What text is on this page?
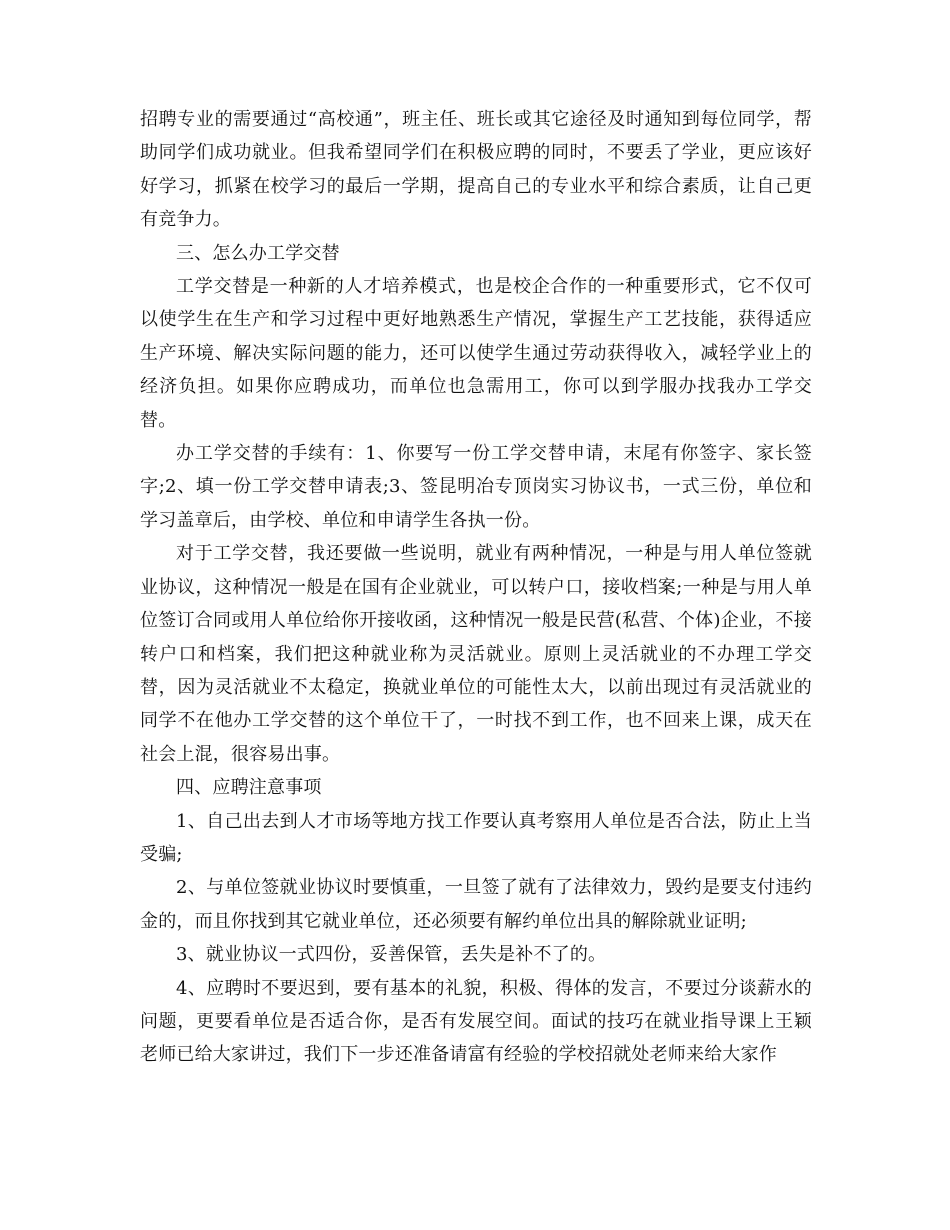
招聘专业的需要通过“高校通”，班主任、班长或其它途径及时通知到每位同学，帮助同学们成功就业。但我希望同学们在积极应聘的同时，不要丢了学业，更应该好好学习，抓紧在校学习的最后一学期，提高自己的专业水平和综合素质，让自己更有竞争力。

三、怎么办工学交替

工学交替是一种新的人才培养模式，也是校企合作的一种重要形式，它不仅可以使学生在生产和学习过程中更好地熟悉生产情况，掌握生产工艺技能，获得适应生产环境、解决实际问题的能力，还可以使学生通过劳动获得收入，减轻学业上的经济负担。如果你应聘成功，而单位也急需用工，你可以到学服办找我办工学交替。

办工学交替的手续有：1、你要写一份工学交替申请，末尾有你签字、家长签字;2、填一份工学交替申请表;3、签昆明冶专顶岗实习协议书，一式三份，单位和学习盖章后，由学校、单位和申请学生各执一份。

对于工学交替，我还要做一些说明，就业有两种情况，一种是与用人单位签就业协议，这种情况一般是在国有企业就业，可以转户口，接收档案;一种是与用人单位签订合同或用人单位给你开接收函，这种情况一般是民营(私营、个体)企业，不接转户口和档案，我们把这种就业称为灵活就业。原则上灵活就业的不办理工学交替，因为灵活就业不太稳定，换就业单位的可能性太大，以前出现过有灵活就业的同学不在他办工学交替的这个单位干了，一时找不到工作，也不回来上课，成天在社会上混，很容易出事。

四、应聘注意事项

1、自己出去到人才市场等地方找工作要认真考察用人单位是否合法，防止上当受骗;

2、与单位签就业协议时要慎重，一旦签了就有了法律效力，毁约是要支付违约金的，而且你找到其它就业单位，还必须要有解约单位出具的解除就业证明;

3、就业协议一式四份，妥善保管，丢失是补不了的。

4、应聘时不要迟到，要有基本的礼貌，积极、得体的发言，不要过分谈薪水的问题，更要看单位是否适合你，是否有发展空间。面试的技巧在就业指导课上王颖老师已给大家讲过，我们下一步还准备请富有经验的学校招就处老师来给大家作
